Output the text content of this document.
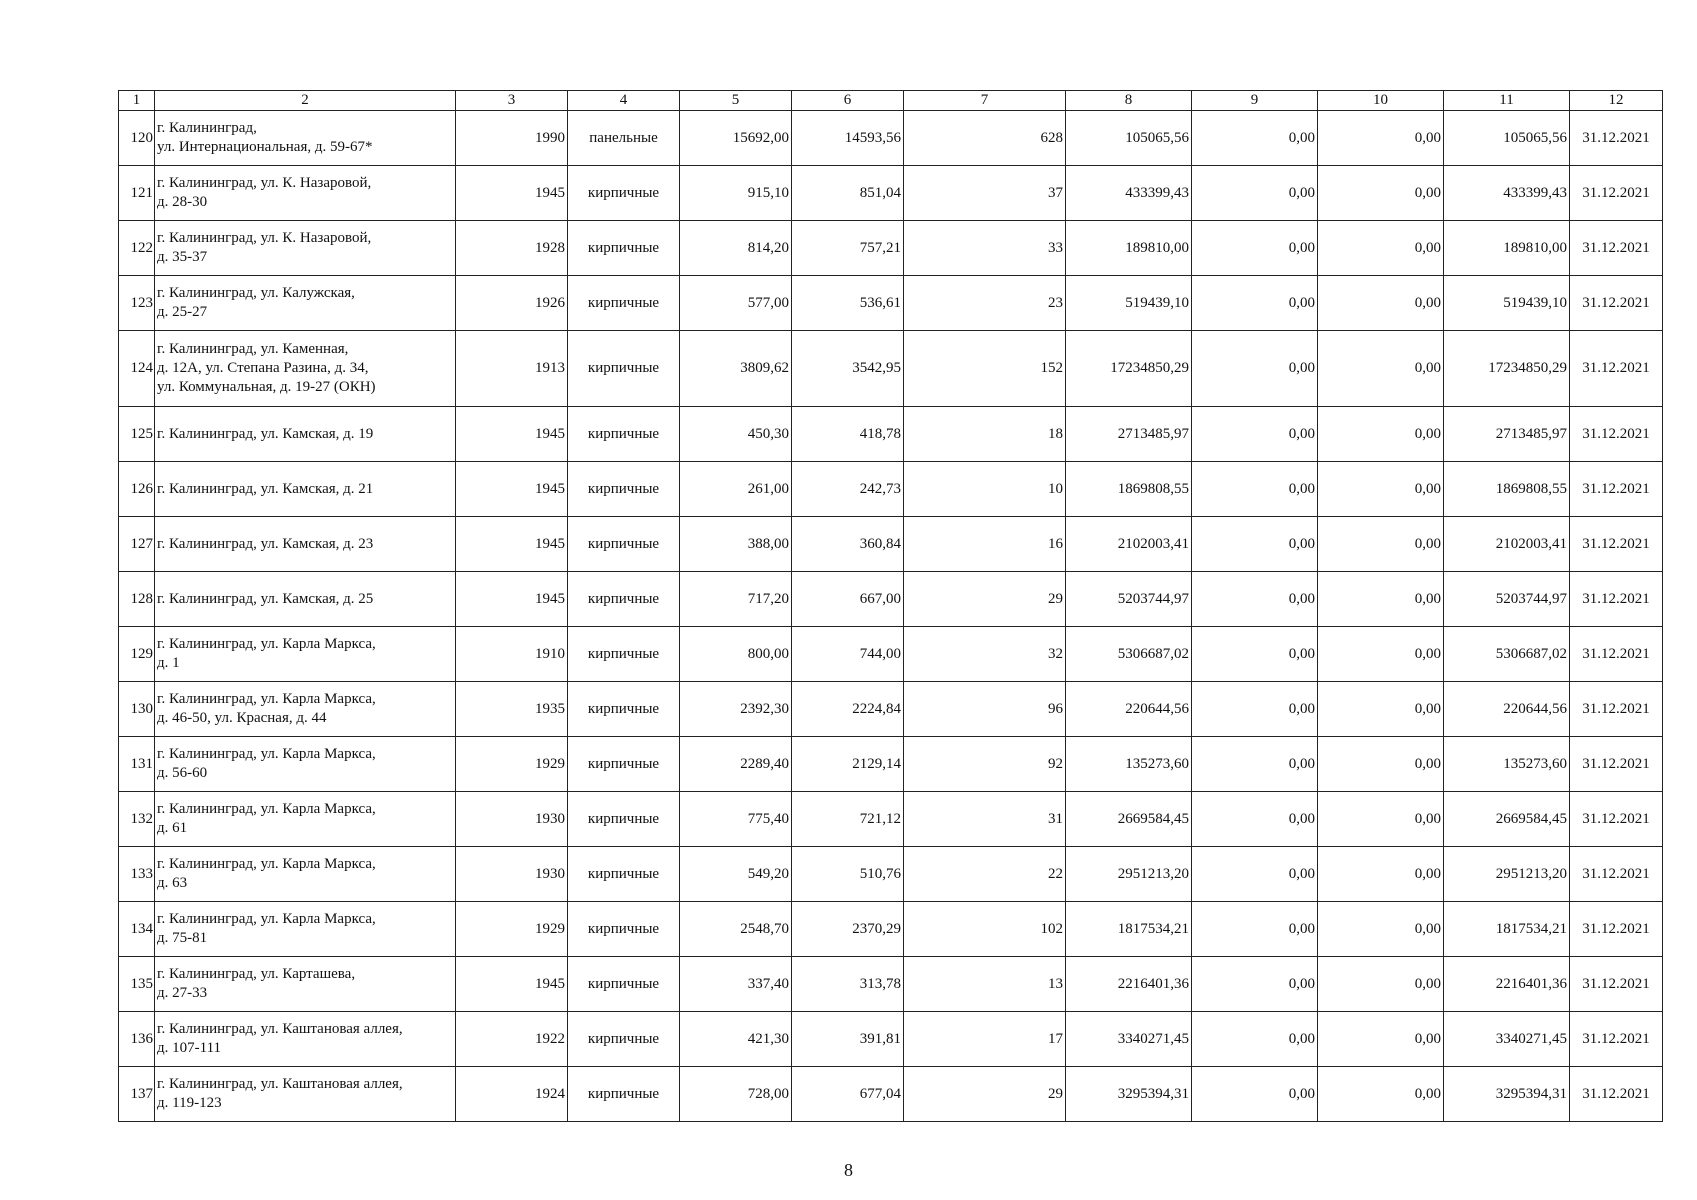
1	2	3	4	5	6	7	8	9	10	11	12
120	г. Калининград,
ул. Интернациональная, д. 59-67*	1990	панельные	15692,00	14593,56	628	105065,56	0,00	0,00	105065,56	31.12.2021
121	г. Калининград, ул. К. Назаровой,
д. 28-30	1945	кирпичные	915,10	851,04	37	433399,43	0,00	0,00	433399,43	31.12.2021
122	г. Калининград, ул. К. Назаровой,
д. 35-37	1928	кирпичные	814,20	757,21	33	189810,00	0,00	0,00	189810,00	31.12.2021
123	г. Калининград, ул. Калужская,
д. 25-27	1926	кирпичные	577,00	536,61	23	519439,10	0,00	0,00	519439,10	31.12.2021
124	г. Калининград, ул. Каменная,
д. 12А, ул. Степана Разина, д. 34,
ул. Коммунальная, д. 19-27 (ОКН)	1913	кирпичные	3809,62	3542,95	152	17234850,29	0,00	0,00	17234850,29	31.12.2021
125	г. Калининград, ул. Камская, д. 19	1945	кирпичные	450,30	418,78	18	2713485,97	0,00	0,00	2713485,97	31.12.2021
126	г. Калининград, ул. Камская, д. 21	1945	кирпичные	261,00	242,73	10	1869808,55	0,00	0,00	1869808,55	31.12.2021
127	г. Калининград, ул. Камская, д. 23	1945	кирпичные	388,00	360,84	16	2102003,41	0,00	0,00	2102003,41	31.12.2021
128	г. Калининград, ул. Камская, д. 25	1945	кирпичные	717,20	667,00	29	5203744,97	0,00	0,00	5203744,97	31.12.2021
129	г. Калининград, ул. Карла Маркса,
д. 1	1910	кирпичные	800,00	744,00	32	5306687,02	0,00	0,00	5306687,02	31.12.2021
130	г. Калининград, ул. Карла Маркса,
д. 46-50, ул. Красная, д. 44	1935	кирпичные	2392,30	2224,84	96	220644,56	0,00	0,00	220644,56	31.12.2021
131	г. Калининград, ул. Карла Маркса,
д. 56-60	1929	кирпичные	2289,40	2129,14	92	135273,60	0,00	0,00	135273,60	31.12.2021
132	г. Калининград, ул. Карла Маркса,
д. 61	1930	кирпичные	775,40	721,12	31	2669584,45	0,00	0,00	2669584,45	31.12.2021
133	г. Калининград, ул. Карла Маркса,
д. 63	1930	кирпичные	549,20	510,76	22	2951213,20	0,00	0,00	2951213,20	31.12.2021
134	г. Калининград, ул. Карла Маркса,
д. 75-81	1929	кирпичные	2548,70	2370,29	102	1817534,21	0,00	0,00	1817534,21	31.12.2021
135	г. Калининград, ул. Карташева,
д. 27-33	1945	кирпичные	337,40	313,78	13	2216401,36	0,00	0,00	2216401,36	31.12.2021
136	г. Калининград, ул. Каштановая аллея,
д. 107-111	1922	кирпичные	421,30	391,81	17	3340271,45	0,00	0,00	3340271,45	31.12.2021
137	г. Калининград, ул. Каштановая аллея,
д. 119-123	1924	кирпичные	728,00	677,04	29	3295394,31	0,00	0,00	3295394,31	31.12.2021
8
